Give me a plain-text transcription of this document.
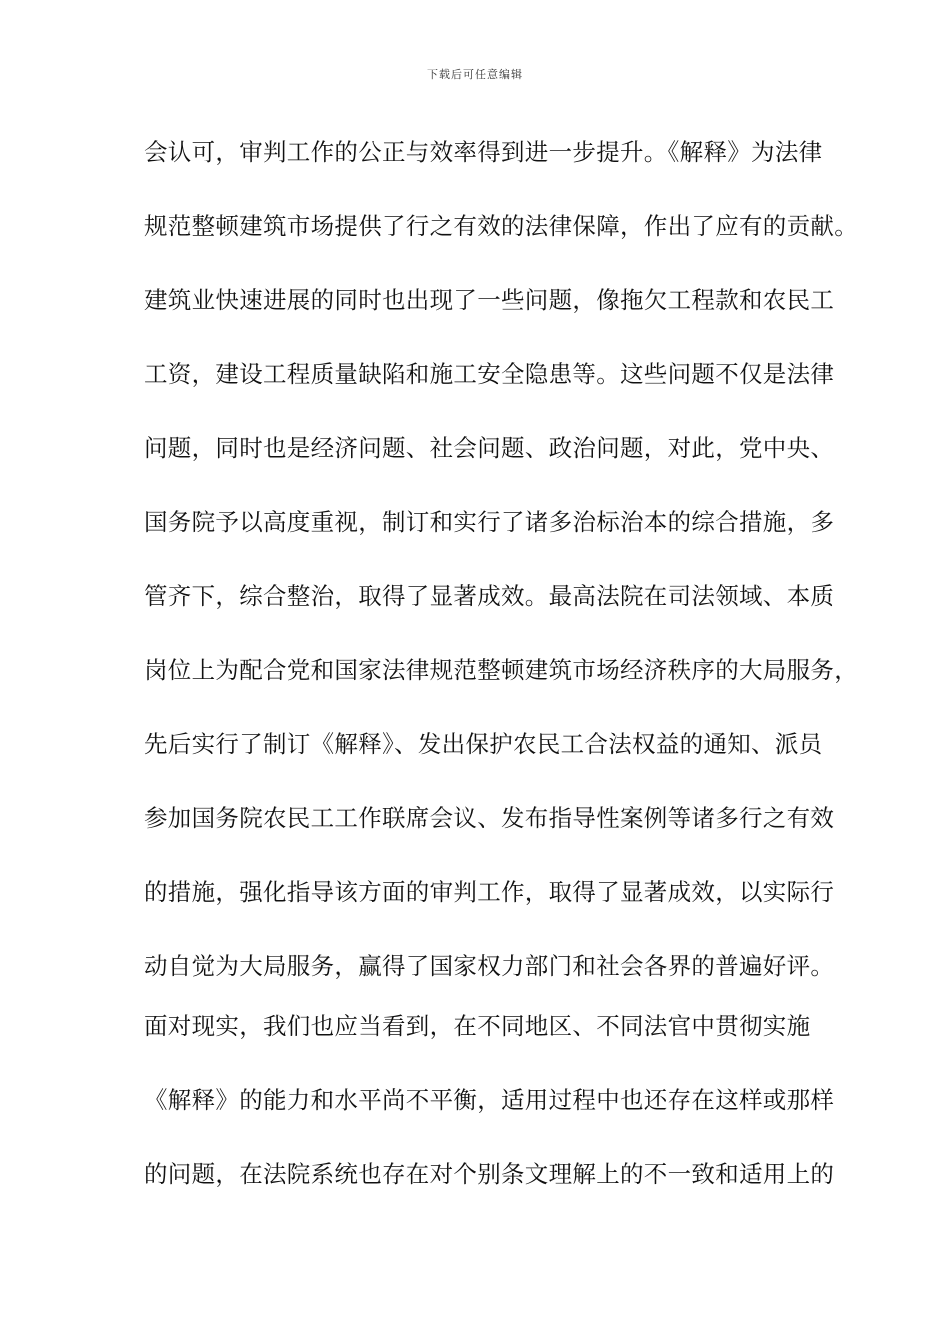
下载后可任意编辑
会认可，审判工作的公正与效率得到进一步提升。《解释》为法律
规范整顿建筑市场提供了行之有效的法律保障，作出了应有的贡献。
建筑业快速进展的同时也出现了一些问题，像拖欠工程款和农民工
工资，建设工程质量缺陷和施工安全隐患等。这些问题不仅是法律
问题，同时也是经济问题、社会问题、政治问题，对此，党中央、
国务院予以高度重视，制订和实行了诸多治标治本的综合措施，多
管齐下，综合整治，取得了显著成效。最高法院在司法领域、本质
岗位上为配合党和国家法律规范整顿建筑市场经济秩序的大局服务，
先后实行了制订《解释》、发出保护农民工合法权益的通知、派员
参加国务院农民工工作联席会议、发布指导性案例等诸多行之有效
的措施，强化指导该方面的审判工作，取得了显著成效，以实际行
动自觉为大局服务，赢得了国家权力部门和社会各界的普遍好评。
面对现实，我们也应当看到，在不同地区、不同法官中贯彻实施
《解释》的能力和水平尚不平衡，适用过程中也还存在这样或那样
的问题，在法院系统也存在对个别条文理解上的不一致和适用上的
